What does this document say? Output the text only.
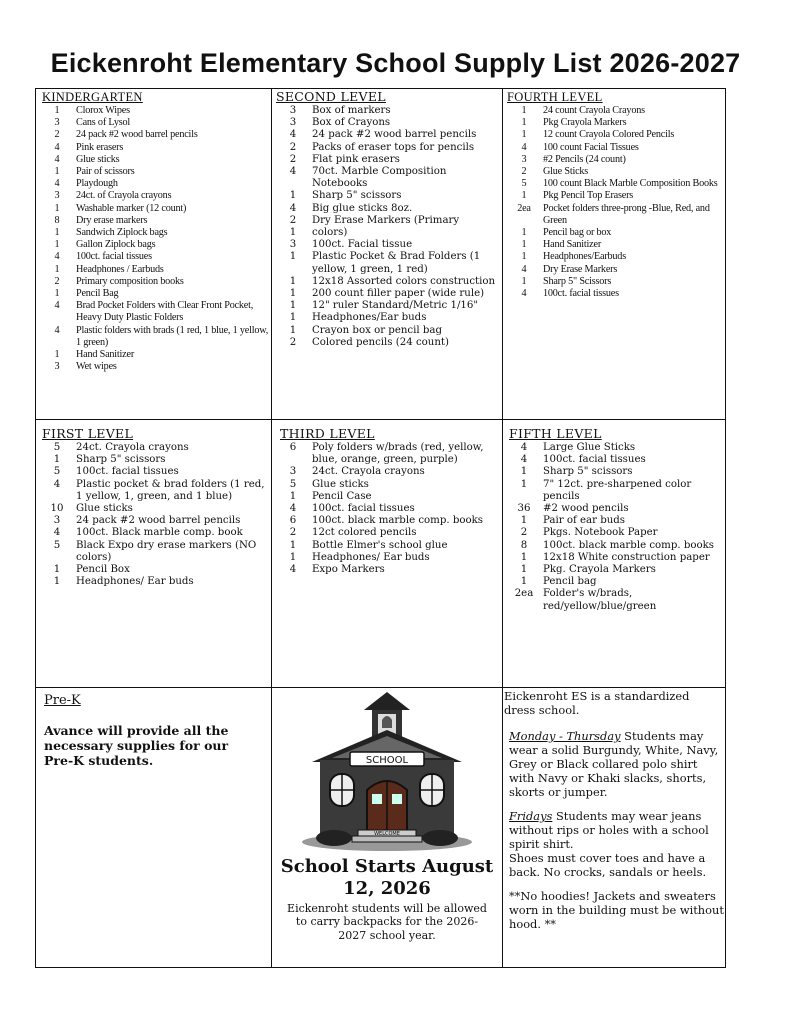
Eickenroht Elementary School Supply List 2026-2027
KINDERGARTEN
1	Clorox Wipes
3	Cans of Lysol
2	24 pack #2 wood barrel pencils
4	Pink erasers
4	Glue sticks
1	Pair of scissors
4	Playdough
3	24ct. of Crayola crayons
1	Washable marker (12 count)
8	Dry erase markers
1	Sandwich Ziplock bags
1	Gallon Ziplock bags
4	100ct. facial tissues
1	Headphones / Earbuds
2	Primary composition books
1	Pencil Bag
4	Brad Pocket Folders with Clear Front Pocket, Heavy Duty Plastic Folders
4	Plastic folders with brads (1 red, 1 blue, 1 yellow, 1 green)
1	Hand Sanitizer
3	Wet wipes
SECOND LEVEL
3	Box of markers
3	Box of Crayons
4	24 pack #2 wood barrel pencils
2	Packs of eraser tops for pencils
2	Flat pink erasers
4	70ct. Marble Composition Notebooks
1	Sharp 5" scissors
4	Big glue sticks 8oz.
2	Dry Erase Markers (Primary
1	colors)
3	100ct. Facial tissue
1	Plastic Pocket & Brad Folders (1 yellow, 1 green, 1 red)
1	12x18 Assorted colors construction
1	200 count filler paper (wide rule)
1	12" ruler Standard/Metric 1/16"
1	Headphones/Ear buds
1	Crayon box or pencil bag
2	Colored pencils (24 count)
FOURTH LEVEL
1	24 count Crayola Crayons
1	Pkg Crayola Markers
1	12 count Crayola Colored Pencils
4	100 count Facial Tissues
3	#2 Pencils (24 count)
2	Glue Sticks
5	100 count Black Marble Composition Books
1	Pkg Pencil Top Erasers
2ea	Pocket folders three-prong -Blue, Red, and Green
1	Pencil bag or box
1	Hand Sanitizer
1	Headphones/Earbuds
4	Dry Erase Markers
1	Sharp 5" Scissors
4	100ct. facial tissues
FIRST LEVEL
5	24ct. Crayola crayons
1	Sharp 5" scissors
5	100ct. facial tissues
4	Plastic pocket & brad folders (1 red, 1 yellow, 1, green, and 1 blue)
10	Glue sticks
3	24 pack #2 wood barrel pencils
4	100ct. Black marble comp. book
5	Black Expo dry erase markers (NO colors)
1	Pencil Box
1	Headphones/ Ear buds
THIRD LEVEL
6	Poly folders w/brads (red, yellow, blue, orange, green, purple)
3	24ct. Crayola crayons
5	Glue sticks
1	Pencil Case
4	100ct. facial tissues
6	100ct. black marble comp. books
2	12ct colored pencils
1	Bottle Elmer's school glue
1	Headphones/ Ear buds
4	Expo Markers
FIFTH LEVEL
4	Large Glue Sticks
4	100ct. facial tissues
1	Sharp 5" scissors
1	7" 12ct. pre-sharpened color pencils
36	#2 wood pencils
1	Pair of ear buds
2	Pkgs. Notebook Paper
8	100ct. black marble comp. books
1	12x18 White construction paper
1	Pkg. Crayola Markers
1	Pencil bag
2ea Folder's w/brads, red/yellow/blue/green
Pre-K
Avance will provide all the necessary supplies for our Pre-K students.	SCHOOL
WELCOME
School Starts August 12, 2026
Eickenroht students will be allowed to carry backpacks for the 2026-2027 school year.

Eickenroht ES is a standardized dress school.

Monday - Thursday Students may wear a solid Burgundy, White, Navy, Grey or Black collared polo shirt with Navy or Khaki slacks, shorts, skorts or jumper.

Fridays Students may wear jeans without rips or holes with a school spirit shirt.

Shoes must cover toes and have a back. No crocks, sandals or heels.

**No hoodies! Jackets and sweaters worn in the building must be without hood. **
